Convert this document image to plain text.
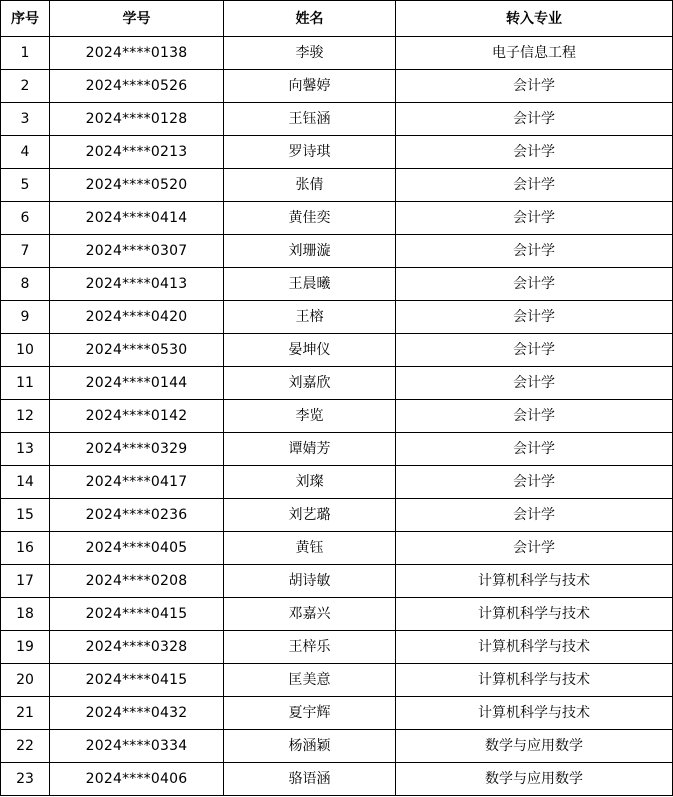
序号	学号	姓名	转入专业
1	2024****0138	李骏	电子信息工程
2	2024****0526	向馨婷	会计学
3	2024****0128	王钰涵	会计学
4	2024****0213	罗诗琪	会计学
5	2024****0520	张倩	会计学
6	2024****0414	黄佳奕	会计学
7	2024****0307	刘珊漩	会计学
8	2024****0413	王晨曦	会计学
9	2024****0420	王榕	会计学
10	2024****0530	晏坤仪	会计学
11	2024****0144	刘嘉欣	会计学
12	2024****0142	李览	会计学
13	2024****0329	谭婧芳	会计学
14	2024****0417	刘璨	会计学
15	2024****0236	刘艺璐	会计学
16	2024****0405	黄钰	会计学
17	2024****0208	胡诗敏	计算机科学与技术
18	2024****0415	邓嘉兴	计算机科学与技术
19	2024****0328	王梓乐	计算机科学与技术
20	2024****0415	匡美意	计算机科学与技术
21	2024****0432	夏宇辉	计算机科学与技术
22	2024****0334	杨涵颖	数学与应用数学
23	2024****0406	骆语涵	数学与应用数学
